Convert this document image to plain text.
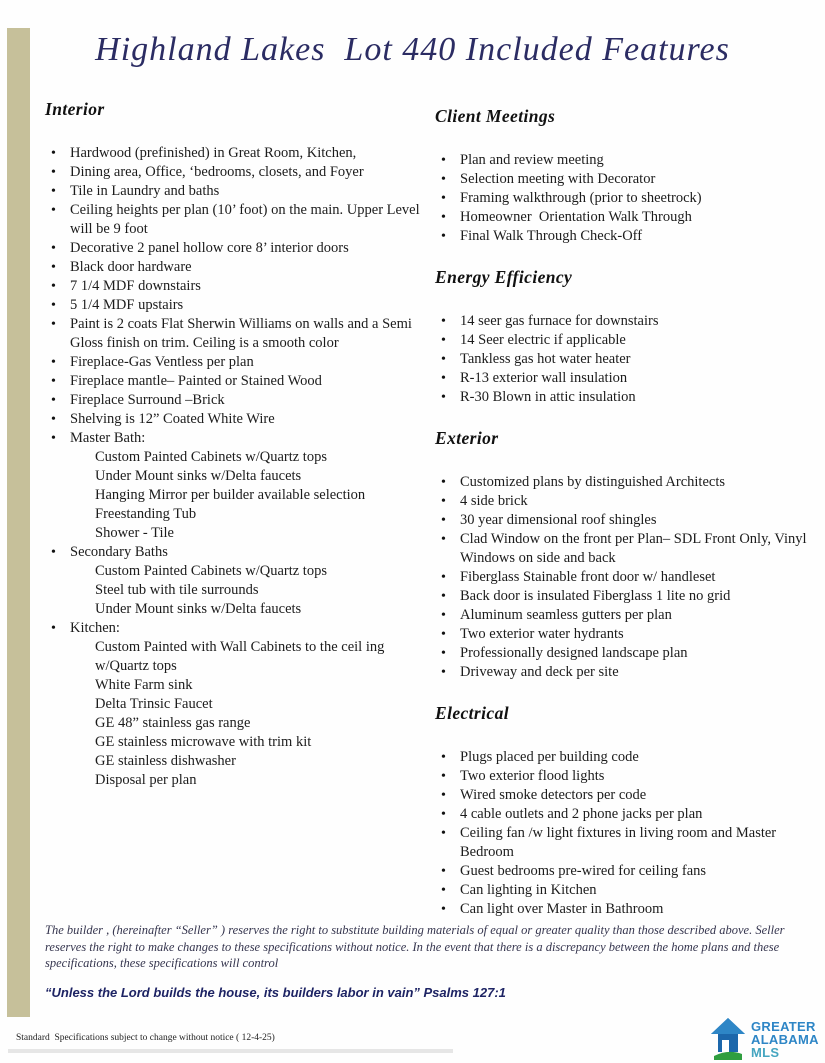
Highland Lakes  Lot 440 Included Features
Interior
• Hardwood (prefinished) in Great Room, Kitchen,
• Dining area, Office, ‘bedrooms, closets, and Foyer
• Tile in Laundry and baths
• Ceiling heights per plan (10’ foot) on the main. Upper Level will be 9 foot
• Decorative 2 panel hollow core 8’ interior doors
• Black door hardware
• 7 1/4 MDF downstairs
• 5 1/4 MDF upstairs
• Paint is 2 coats Flat Sherwin Williams on walls and a Semi Gloss finish on trim. Ceiling is a smooth color
• Fireplace-Gas Ventless per plan
• Fireplace mantle– Painted or Stained Wood
• Fireplace Surround –Brick
• Shelving is 12” Coated White Wire
• Master Bath:
Custom Painted Cabinets w/Quartz tops
Under Mount sinks w/Delta faucets
Hanging Mirror per builder available selection
Freestanding Tub
Shower - Tile
• Secondary Baths
Custom Painted Cabinets w/Quartz tops
Steel tub with tile surrounds
Under Mount sinks w/Delta faucets
• Kitchen:
Custom Painted with Wall Cabinets to the ceil ing w/Quartz tops
White Farm sink
Delta Trinsic Faucet
GE 48” stainless gas range
GE stainless microwave with trim kit
GE stainless dishwasher
Disposal per plan
Client Meetings
• Plan and review meeting
• Selection meeting with Decorator
• Framing walkthrough (prior to sheetrock)
• Homeowner  Orientation Walk Through
• Final Walk Through Check-Off
Energy Efficiency
• 14 seer gas furnace for downstairs
• 14 Seer electric if applicable
• Tankless gas hot water heater
• R-13 exterior wall insulation
• R-30 Blown in attic insulation
Exterior
• Customized plans by distinguished Architects
• 4 side brick
• 30 year dimensional roof shingles
• Clad Window on the front per Plan– SDL Front Only, Vinyl Windows on side and back
• Fiberglass Stainable front door w/ handleset
• Back door is insulated Fiberglass 1 lite no grid
• Aluminum seamless gutters per plan
• Two exterior water hydrants
• Professionally designed landscape plan
• Driveway and deck per site
Electrical
• Plugs placed per building code
• Two exterior flood lights
• Wired smoke detectors per code
• 4 cable outlets and 2 phone jacks per plan
• Ceiling fan /w light fixtures in living room and Master Bedroom
• Guest bedrooms pre-wired for ceiling fans
• Can lighting in Kitchen
• Can light over Master in Bathroom

The builder , (hereinafter “Seller” ) reserves the right to substitute building materials of equal or greater quality than those described above. Seller reserves the right to make changes to these specifications without notice. In the event that there is a discrepancy between the home plans and these specifications, these specifications will control

“Unless the Lord builds the house, its builders labor in vain” Psalms 127:1

Standard  Specifications subject to change without notice ( 12-4-25)

GREATER
ALABAMA
MLS
